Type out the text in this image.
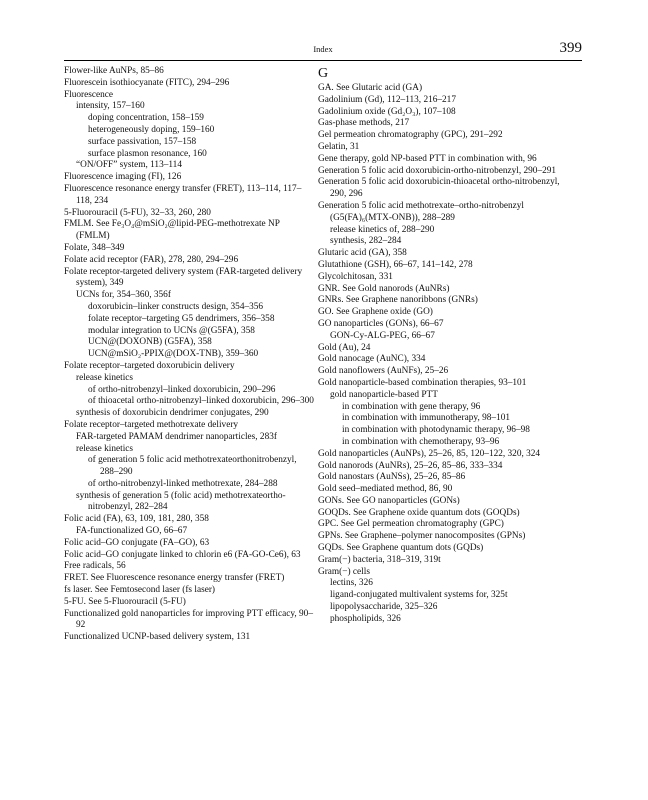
Index	399

Flower-like AuNPs, 85–86

Fluorescein isothiocyanate (FITC), 294–296

Fluorescence

intensity, 157–160

doping concentration, 158–159

heterogeneously doping, 159–160

surface passivation, 157–158

surface plasmon resonance, 160

“ON/OFF” system, 113–114

Fluorescence imaging (FI), 126

Fluorescence resonance energy transfer (FRET), 113–114, 117–118, 234

5-Fluorouracil (5-FU), 32–33, 260, 280

FMLM. See Fe₃O₄@mSiO₂@lipid-PEG-methotrexate NP (FMLM)

Folate, 348–349

Folate acid receptor (FAR), 278, 280, 294–296

Folate receptor-targeted delivery system (FAR-targeted delivery system), 349

UCNs for, 354–360, 356f

doxorubicin–linker constructs design, 354–356

folate receptor–targeting G5 dendrimers, 356–358

modular integration to UCNs @(G5FA), 358

UCN@(DOXONB) (G5FA), 358

UCN@mSiO₂-PPIX@(DOX-TNB), 359–360

Folate receptor–targeted doxorubicin delivery

release kinetics

of ortho-nitrobenzyl–linked doxorubicin, 290–296

of thioacetal ortho-nitrobenzyl–linked doxorubicin, 296–300

synthesis of doxorubicin dendrimer conjugates, 290

Folate receptor–targeted methotrexate delivery

FAR-targeted PAMAM dendrimer nanoparticles, 283f

release kinetics

of generation 5 folic acid methotrexateorthonitrobenzyl, 288–290

of ortho-nitrobenzyl-linked methotrexate, 284–288

synthesis of generation 5 (folic acid) methotrexateortho-nitrobenzyl, 282–284

Folic acid (FA), 63, 109, 181, 280, 358

FA-functionalized GO, 66–67

Folic acid–GO conjugate (FA–GO), 63

Folic acid–GO conjugate linked to chlorin e6 (FA-GO-Ce6), 63

Free radicals, 56

FRET. See Fluorescence resonance energy transfer (FRET)

fs laser. See Femtosecond laser (fs laser)

5-FU. See 5-Fluorouracil (5-FU)

Functionalized gold nanoparticles for improving PTT efficacy, 90–92

Functionalized UCNP-based delivery system, 131

G

GA. See Glutaric acid (GA)

Gadolinium (Gd), 112–113, 216–217

Gadolinium oxide (Gd₂O₃), 107–108

Gas-phase methods, 217

Gel permeation chromatography (GPC), 291–292

Gelatin, 31

Gene therapy, gold NP-based PTT in combination with, 96

Generation 5 folic acid doxorubicin-ortho-nitrobenzyl, 290–291

Generation 5 folic acid doxorubicin-thioacetal ortho-nitrobenzyl, 290, 296

Generation 5 folic acid methotrexate–ortho-nitrobenzyl (G5(FA)₆(MTX-ONB)), 288–289

release kinetics of, 288–290

synthesis, 282–284

Glutaric acid (GA), 358

Glutathione (GSH), 66–67, 141–142, 278

Glycolchitosan, 331

GNR. See Gold nanorods (AuNRs)

GNRs. See Graphene nanoribbons (GNRs)

GO. See Graphene oxide (GO)

GO nanoparticles (GONs), 66–67

GON-Cy-ALG-PEG, 66–67

Gold (Au), 24

Gold nanocage (AuNC), 334

Gold nanoflowers (AuNFs), 25–26

Gold nanoparticle-based combination therapies, 93–101

gold nanoparticle-based PTT

in combination with gene therapy, 96

in combination with immunotherapy, 98–101

in combination with photodynamic therapy, 96–98

in combination with chemotherapy, 93–96

Gold nanoparticles (AuNPs), 25–26, 85, 120–122, 320, 324

Gold nanorods (AuNRs), 25–26, 85–86, 333–334

Gold nanostars (AuNSs), 25–26, 85–86

Gold seed–mediated method, 86, 90

GONs. See GO nanoparticles (GONs)

GOQDs. See Graphene oxide quantum dots (GOQDs)

GPC. See Gel permeation chromatography (GPC)

GPNs. See Graphene–polymer nanocomposites (GPNs)

GQDs. See Graphene quantum dots (GQDs)

Gram(−) bacteria, 318–319, 319t

Gram(−) cells

lectins, 326

ligand-conjugated multivalent systems for, 325t

lipopolysaccharide, 325–326

phospholipids, 326
